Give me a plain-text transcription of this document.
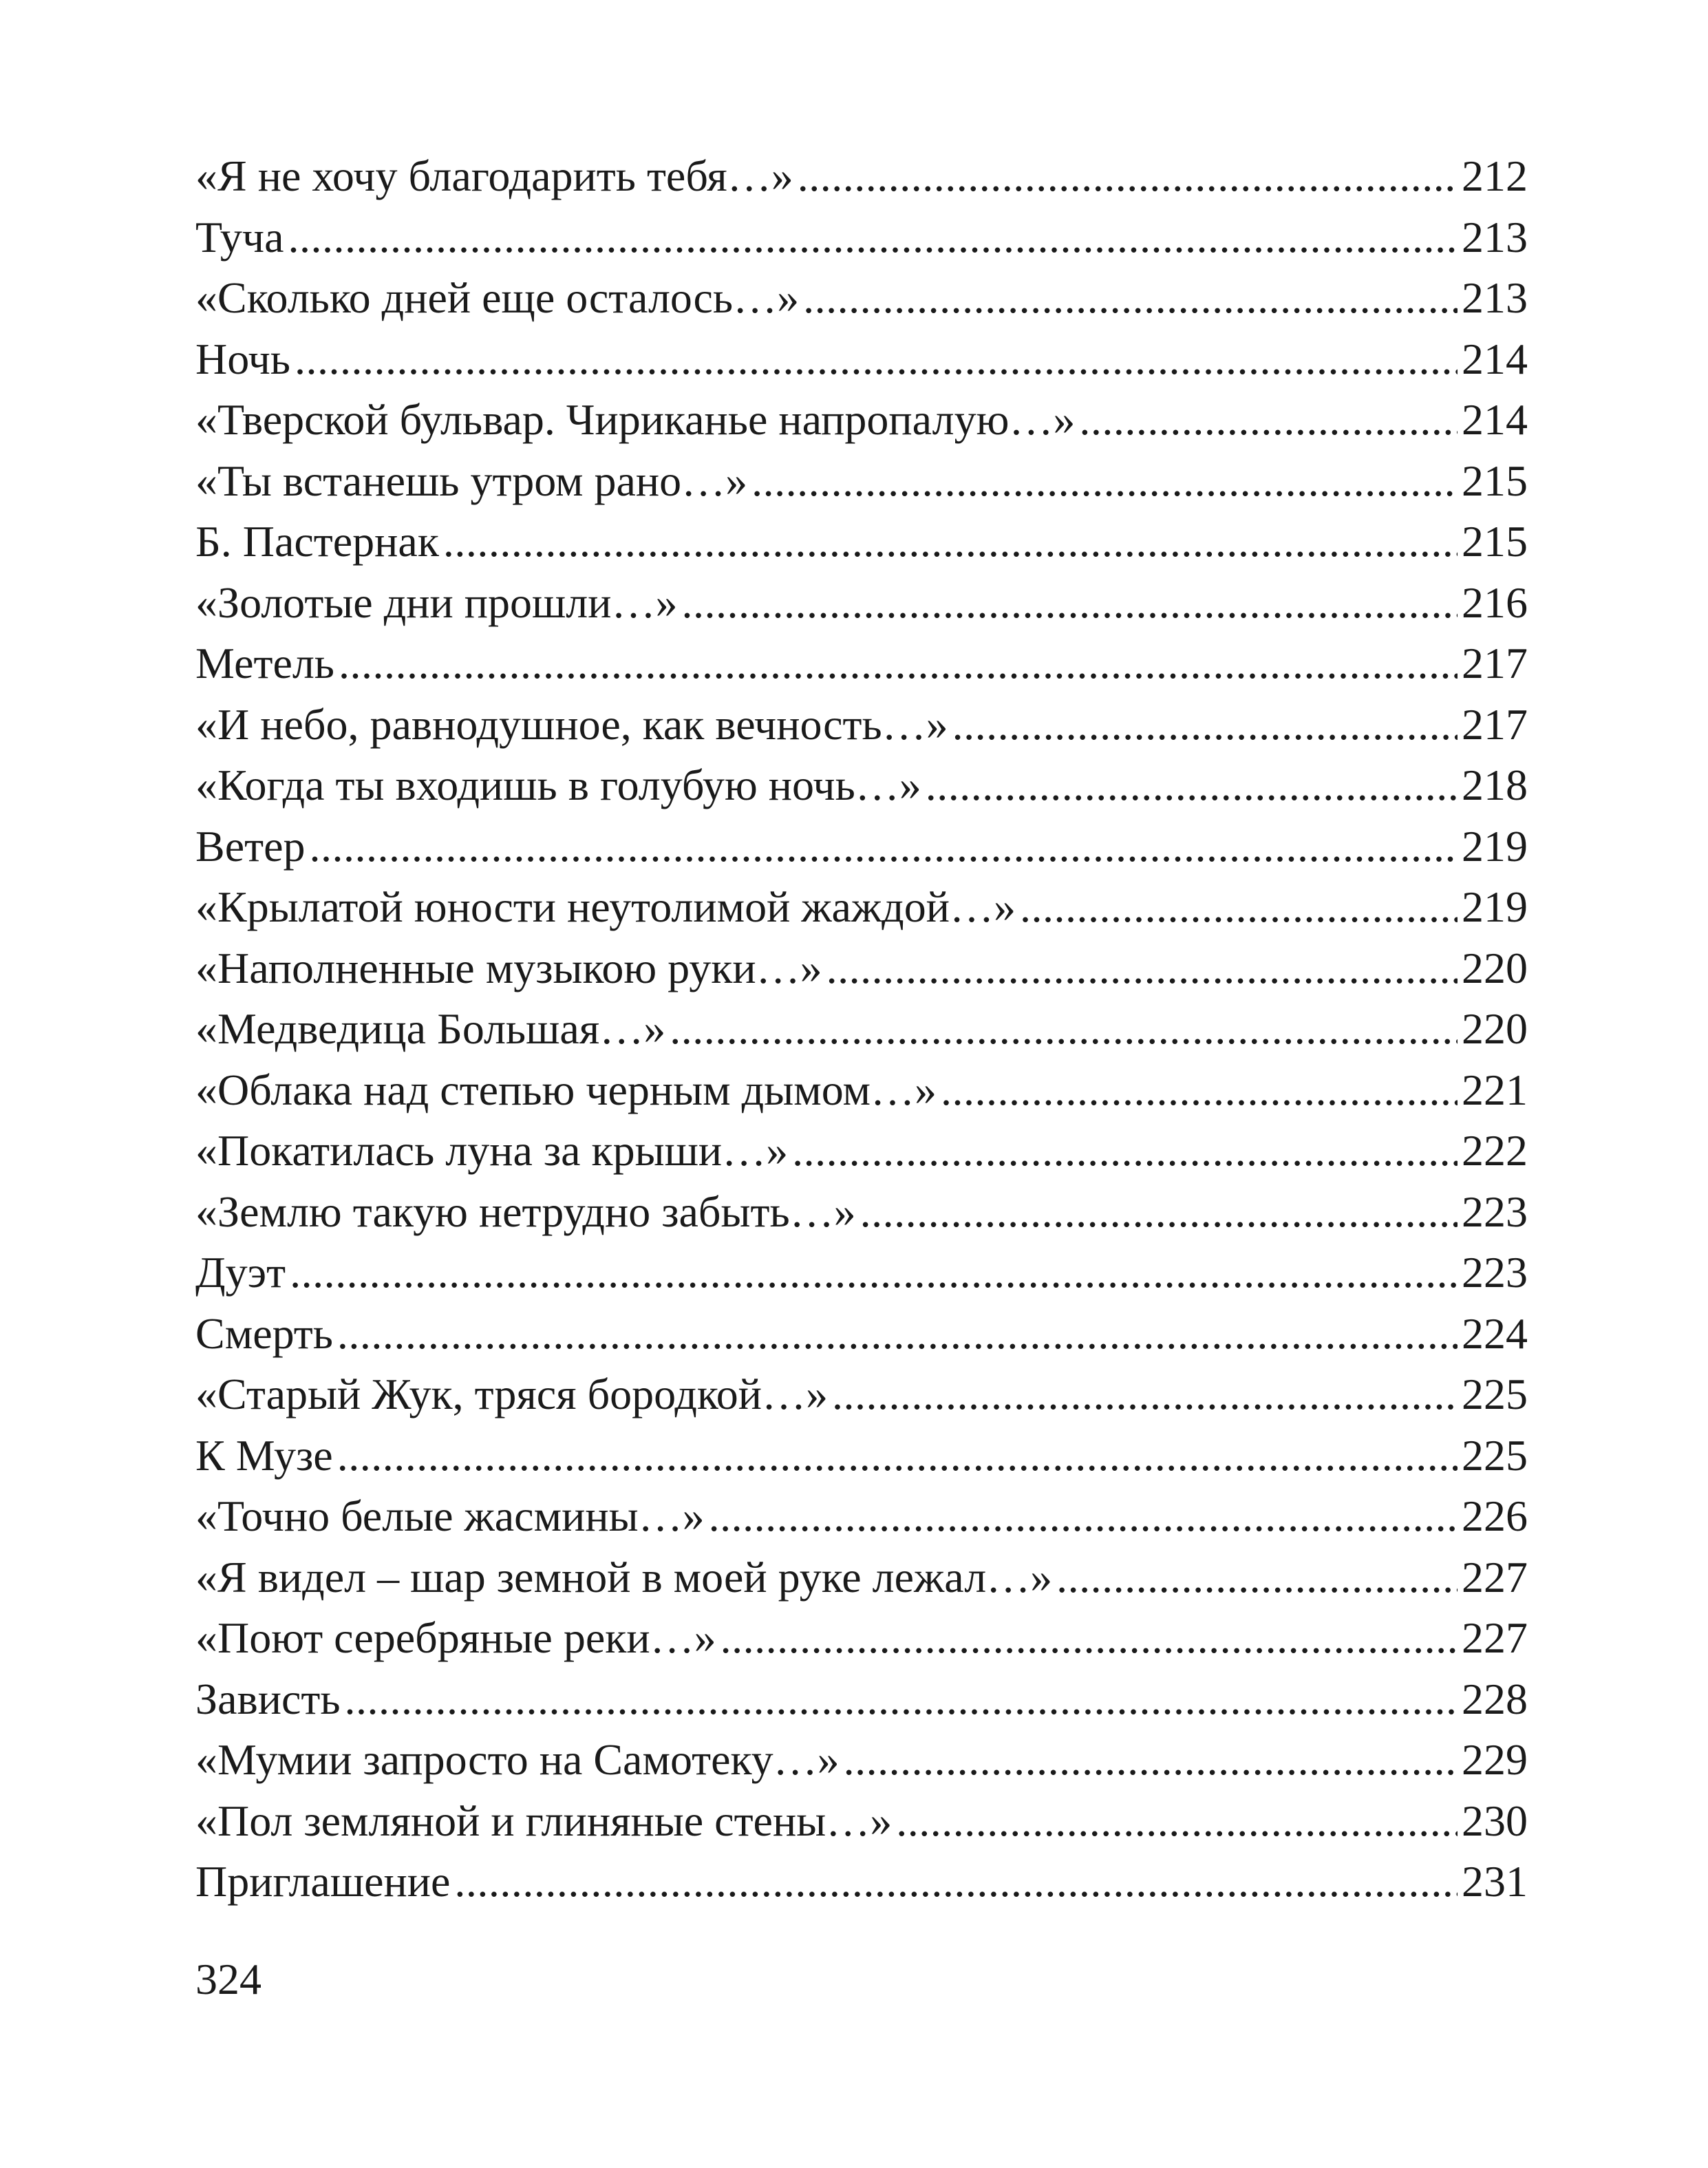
«Я не хочу благодарить тебя…» .....	212
Туча .....	213
«Сколько дней еще осталось…» .....	213
Ночь .....	214
«Тверской бульвар. Чириканье напропалую…» .....	214
«Ты встанешь утром рано…» .....	215
Б. Пастернак .....	215
«Золотые дни прошли…» .....	216
Метель .....	217
«И небо, равнодушное, как вечность…» .....	217
«Когда ты входишь в голубую ночь…» .....	218
Ветер .....	219
«Крылатой юности неутолимой жаждой…» .....	219
«Наполненные музыкою руки…» .....	220
«Медведица Большая…» .....	220
«Облака над степью черным дымом…» .....	221
«Покатилась луна за крыши…» .....	222
«Землю такую нетрудно забыть…» .....	223
Дуэт .....	223
Смерть .....	224
«Старый Жук, тряся бородкой…» .....	225
К Музе .....	225
«Точно белые жасмины…» .....	226
«Я видел – шар земной в моей руке лежал…» .....	227
«Поют серебряные реки…» .....	227
Зависть .....	228
«Мумии запросто на Самотеку…» .....	229
«Пол земляной и глиняные стены…» .....	230
Приглашение .....	231
324
